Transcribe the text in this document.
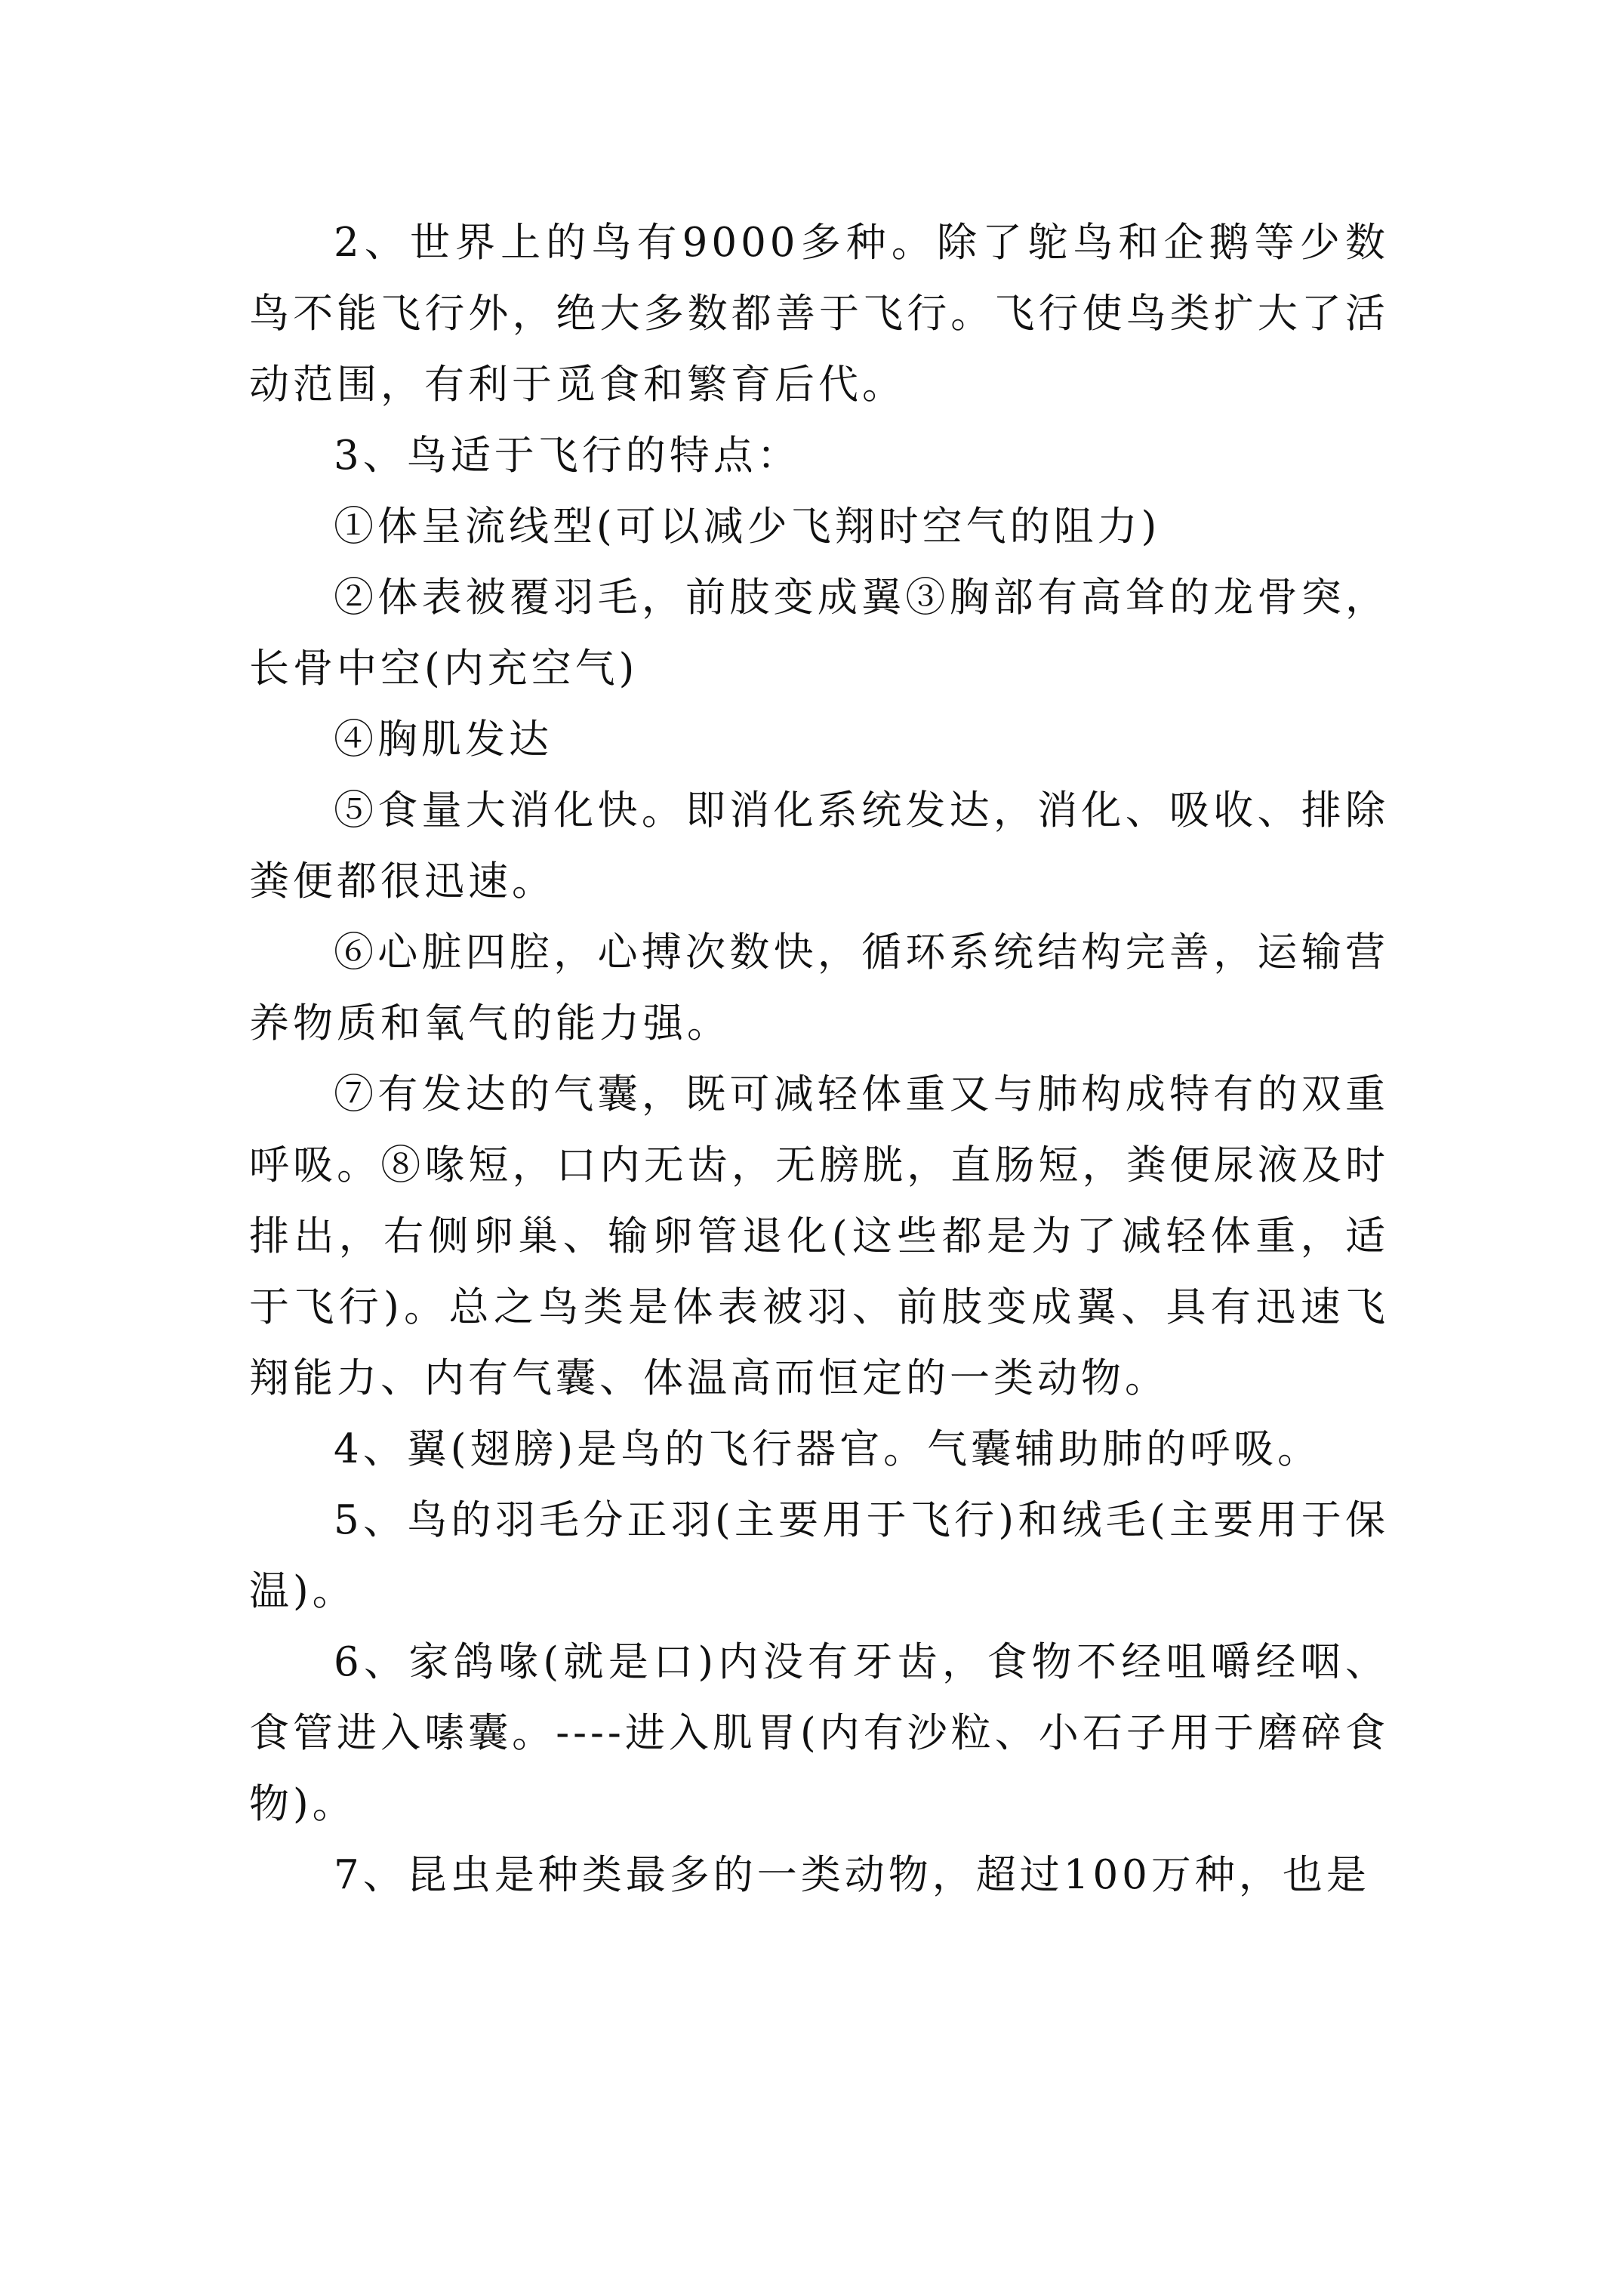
2、世界上的鸟有9000多种。除了鸵鸟和企鹅等少数鸟不能飞行外，绝大多数都善于飞行。飞行使鸟类扩大了活动范围，有利于觅食和繁育后代。

3、鸟适于飞行的特点：

①体呈流线型(可以减少飞翔时空气的阻力)

②体表被覆羽毛，前肢变成翼③胸部有高耸的龙骨突，长骨中空(内充空气)

④胸肌发达

⑤食量大消化快。即消化系统发达，消化、吸收、排除粪便都很迅速。

⑥心脏四腔，心搏次数快，循环系统结构完善，运输营养物质和氧气的能力强。

⑦有发达的气囊，既可减轻体重又与肺构成特有的双重呼吸。⑧喙短，口内无齿，无膀胱，直肠短，粪便尿液及时排出，右侧卵巢、输卵管退化(这些都是为了减轻体重，适于飞行)。总之鸟类是体表被羽、前肢变成翼、具有迅速飞翔能力、内有气囊、体温高而恒定的一类动物。

4、翼(翅膀)是鸟的飞行器官。气囊辅助肺的呼吸。

5、鸟的羽毛分正羽(主要用于飞行)和绒毛(主要用于保温)。

6、家鸽喙(就是口)内没有牙齿，食物不经咀嚼经咽、食管进入嗉囊。----进入肌胃(内有沙粒、小石子用于磨碎食物)。

7、昆虫是种类最多的一类动物，超过100万种，也是
